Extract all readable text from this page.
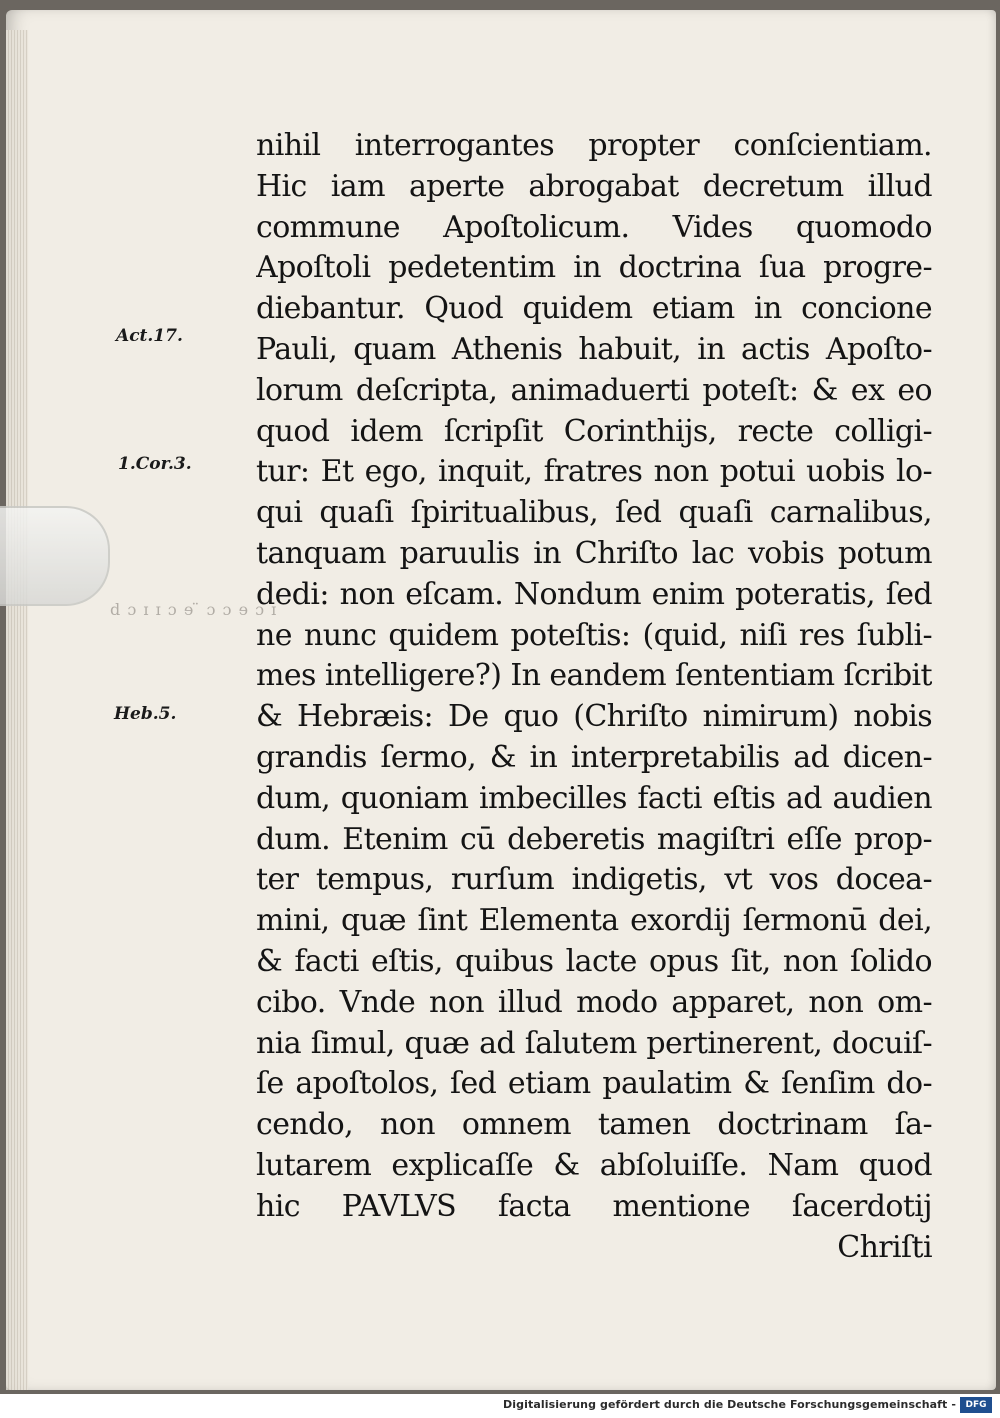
ⅾ ɔ ɪ ɪ ɔ ɘ ̈ ɔ ɔ ɘ ɔ ɪ
Act.17.
1.Cor.3.
Heb.5.
nihil interrogantes propter conſcientiam.
Hic iam aperte abrogabat decretum illud
commune Apoſtolicum. Vides quomodo
Apoſtoli pedetentim in doctrina ſua progre-
diebantur. Quod quidem etiam in concione
Pauli, quam Athenis habuit, in actis Apoſto-
lorum deſcripta, animaduerti poteſt: & ex eo
quod idem ſcripſit Corinthijs, recte colligi-
tur: Et ego, inquit, fratres non potui uobis lo-
qui quaſi ſpiritualibus, ſed quaſi carnalibus,
tanquam paruulis in Chriſto lac vobis potum
dedi: non eſcam. Nondum enim poteratis, ſed
ne nunc quidem poteſtis: (quid, niſi res ſubli-
mes intelligere?) In eandem ſententiam ſcribit
& Hebræis: De quo (Chriſto nimirum) nobis
grandis ſermo, & in interpretabilis ad dicen-
dum, quoniam imbecilles facti eſtis ad audien
dum. Etenim cū deberetis magiſtri eſſe prop-
ter tempus, rurſum indigetis, vt vos docea-
mini, quæ ſint Elementa exordij ſermonū dei,
& facti eſtis, quibus lacte opus ſit, non ſolido
cibo. Vnde non illud modo apparet, non om-
nia ſimul, quæ ad ſalutem pertinerent, docuiſ-
ſe apoſtolos, ſed etiam paulatim & ſenſim do-
cendo, non omnem tamen doctrinam ſa-
lutarem explicaſſe & abſoluiſſe. Nam quod
hic PAVLVS facta mentione ſacerdotij
Chriſti
Digitalisierung gefördert durch die Deutsche Forschungsgemeinschaft -	DFG
